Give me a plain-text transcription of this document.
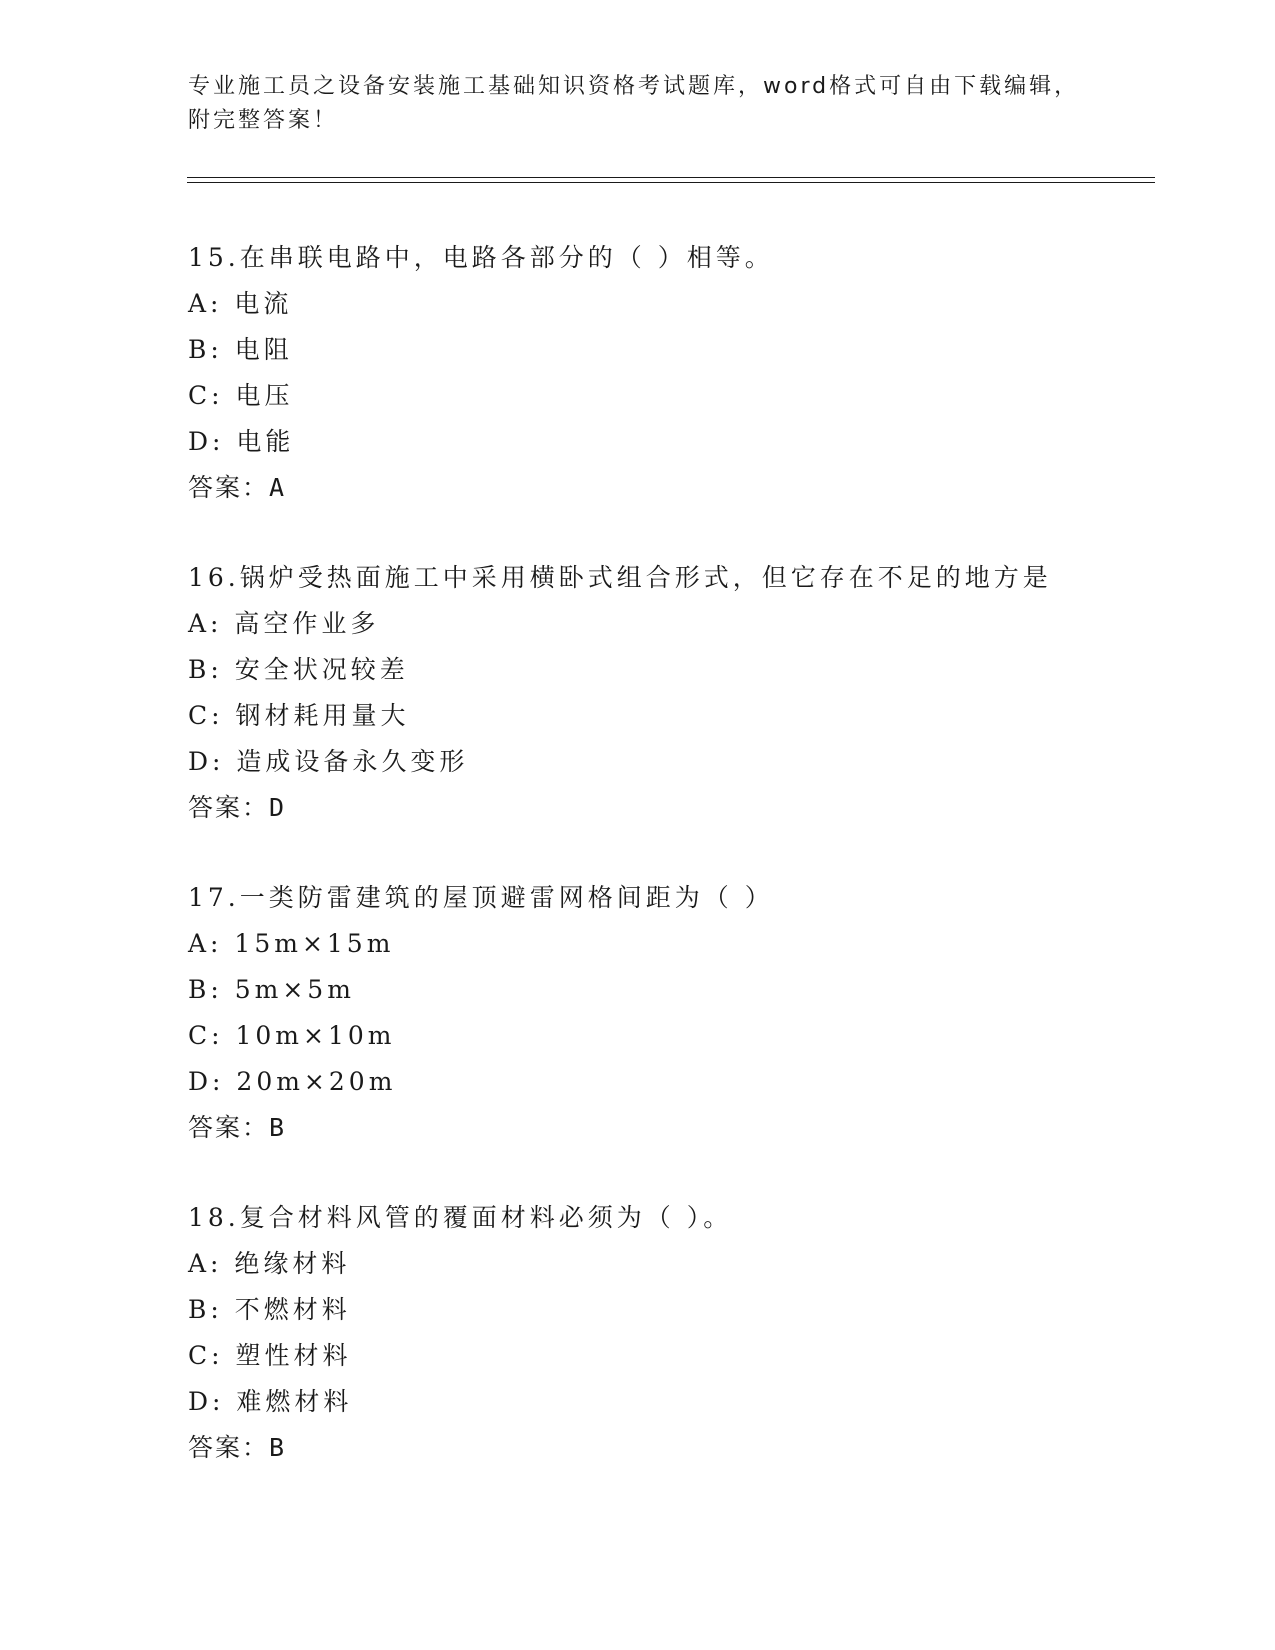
专业施工员之设备安装施工基础知识资格考试题库，word格式可自由下载编辑，
附完整答案！
15.在串联电路中，电路各部分的（ ）相等。
A: 电流
B: 电阻
C: 电压
D: 电能
答案：A
16.锅炉受热面施工中采用横卧式组合形式，但它存在不足的地方是
A: 高空作业多
B: 安全状况较差
C: 钢材耗用量大
D: 造成设备永久变形
答案：D
17.一类防雷建筑的屋顶避雷网格间距为（ ）
A: 15m×15m
B: 5m×5m
C: 10m×10m
D: 20m×20m
答案：B
18.复合材料风管的覆面材料必须为（ ）。
A: 绝缘材料
B: 不燃材料
C: 塑性材料
D: 难燃材料
答案：B
